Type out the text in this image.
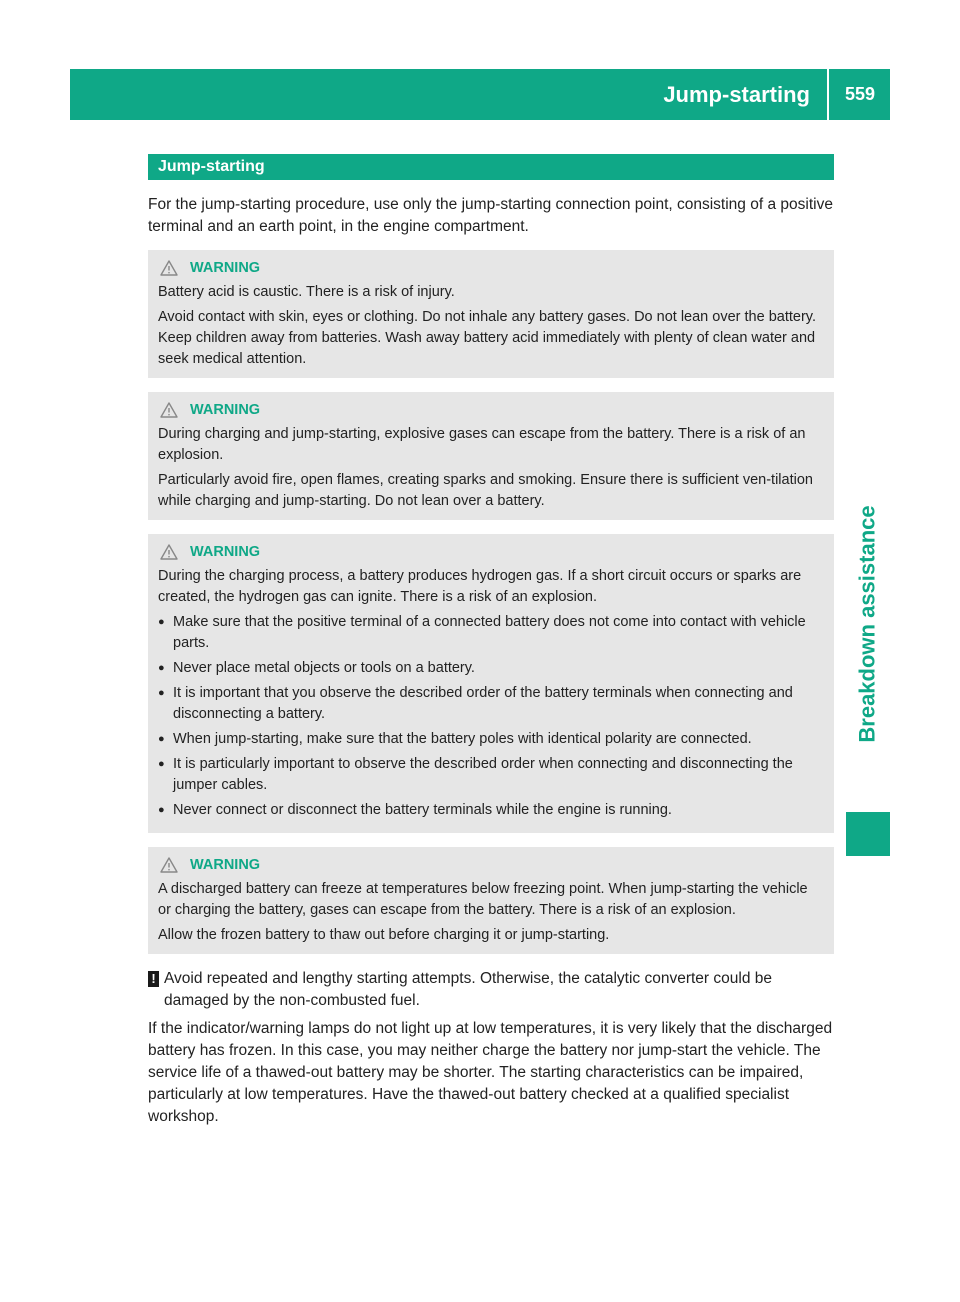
Jump-starting	559
Breakdown assistance
Jump-starting

For the jump-starting procedure, use only the jump-starting connection point, consisting of a positive terminal and an earth point, in the engine compartment.

WARNING

Battery acid is caustic. There is a risk of injury.

Avoid contact with skin, eyes or clothing. Do not inhale any battery gases. Do not lean over the battery. Keep children away from batteries. Wash away battery acid immediately with plenty of clean water and seek medical attention.

WARNING

During charging and jump-starting, explosive gases can escape from the battery. There is a risk of an explosion.

Particularly avoid fire, open flames, creating sparks and smoking. Ensure there is sufficient ven-tilation while charging and jump-starting. Do not lean over a battery.

WARNING

During the charging process, a battery produces hydrogen gas. If a short circuit occurs or sparks are created, the hydrogen gas can ignite. There is a risk of an explosion.

● Make sure that the positive terminal of a connected battery does not come into contact with vehicle parts.
● Never place metal objects or tools on a battery.
● It is important that you observe the described order of the battery terminals when connecting and disconnecting a battery.
● When jump-starting, make sure that the battery poles with identical polarity are connected.
● It is particularly important to observe the described order when connecting and disconnecting the jumper cables.
● Never connect or disconnect the battery terminals while the engine is running.
WARNING

A discharged battery can freeze at temperatures below freezing point. When jump-starting the vehicle or charging the battery, gases can escape from the battery. There is a risk of an explosion.

Allow the frozen battery to thaw out before charging it or jump-starting.

! Avoid repeated and lengthy starting attempts. Otherwise, the catalytic converter could be damaged by the non-combusted fuel.

If the indicator/warning lamps do not light up at low temperatures, it is very likely that the discharged battery has frozen. In this case, you may neither charge the battery nor jump-start the vehicle. The service life of a thawed-out battery may be shorter. The starting characteristics can be impaired, particularly at low temperatures. Have the thawed-out battery checked at a qualified specialist workshop.
